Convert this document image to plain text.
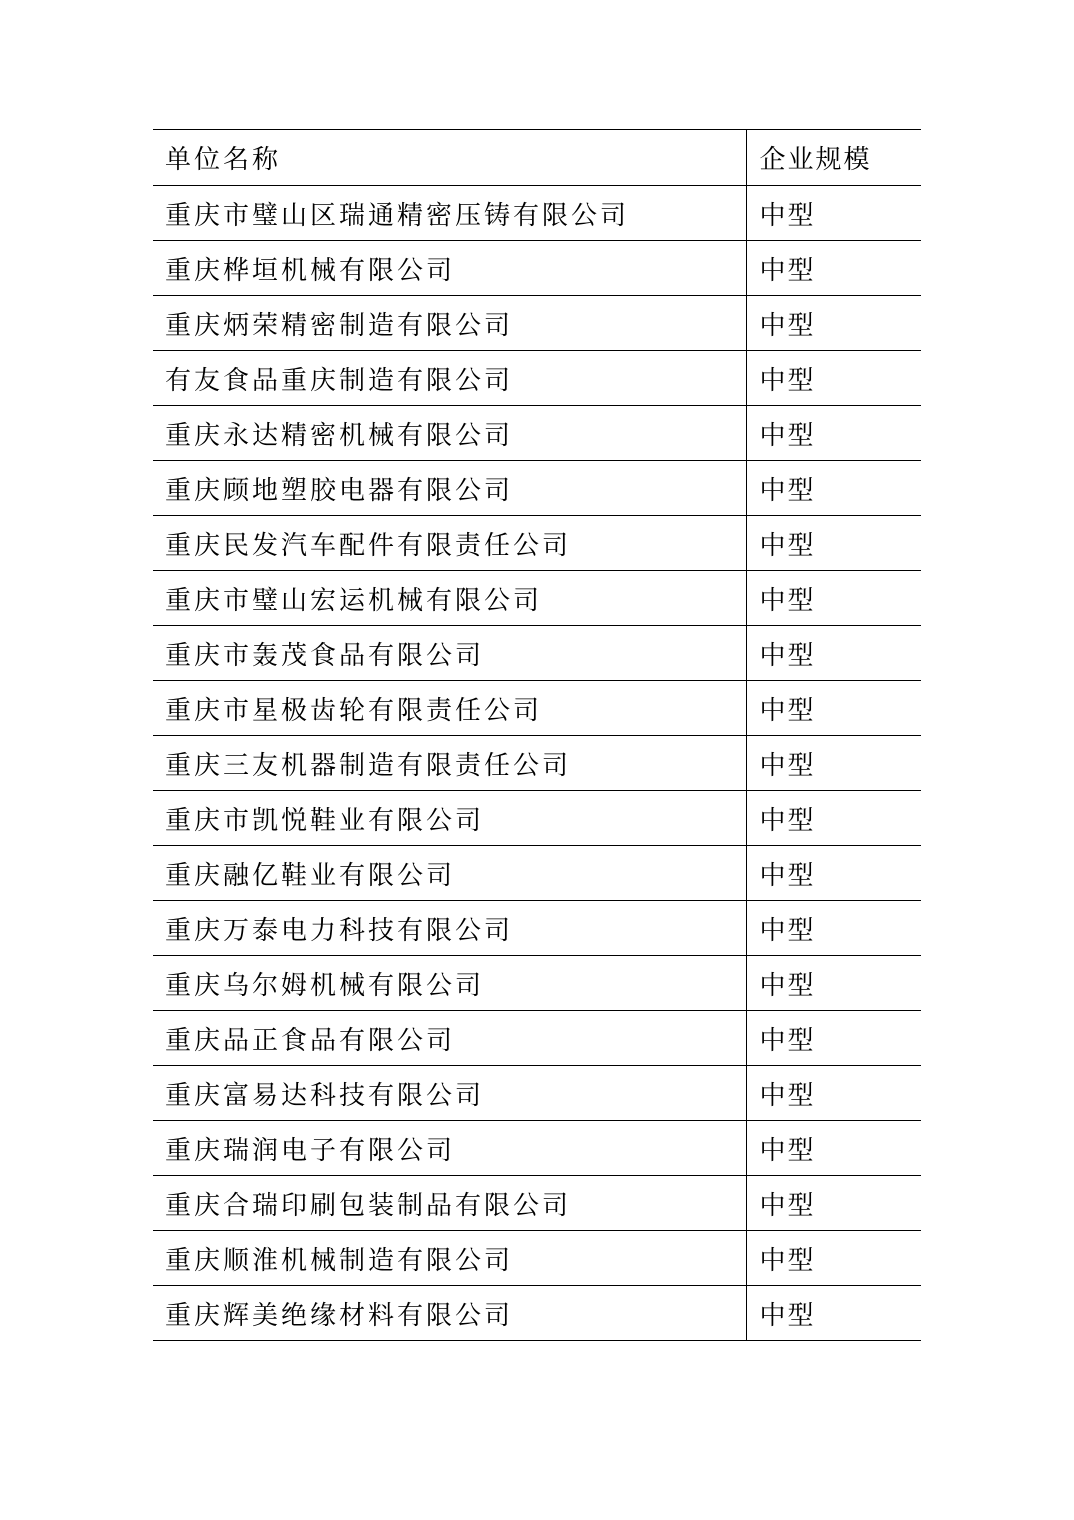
单位名称	企业规模
重庆市璧山区瑞通精密压铸有限公司	中型
重庆桦垣机械有限公司	中型
重庆炳荣精密制造有限公司	中型
有友食品重庆制造有限公司	中型
重庆永达精密机械有限公司	中型
重庆顾地塑胶电器有限公司	中型
重庆民发汽车配件有限责任公司	中型
重庆市璧山宏运机械有限公司	中型
重庆市轰茂食品有限公司	中型
重庆市星极齿轮有限责任公司	中型
重庆三友机器制造有限责任公司	中型
重庆市凯悦鞋业有限公司	中型
重庆融亿鞋业有限公司	中型
重庆万泰电力科技有限公司	中型
重庆乌尔姆机械有限公司	中型
重庆品正食品有限公司	中型
重庆富易达科技有限公司	中型
重庆瑞润电子有限公司	中型
重庆合瑞印刷包装制品有限公司	中型
重庆顺淮机械制造有限公司	中型
重庆辉美绝缘材料有限公司	中型
